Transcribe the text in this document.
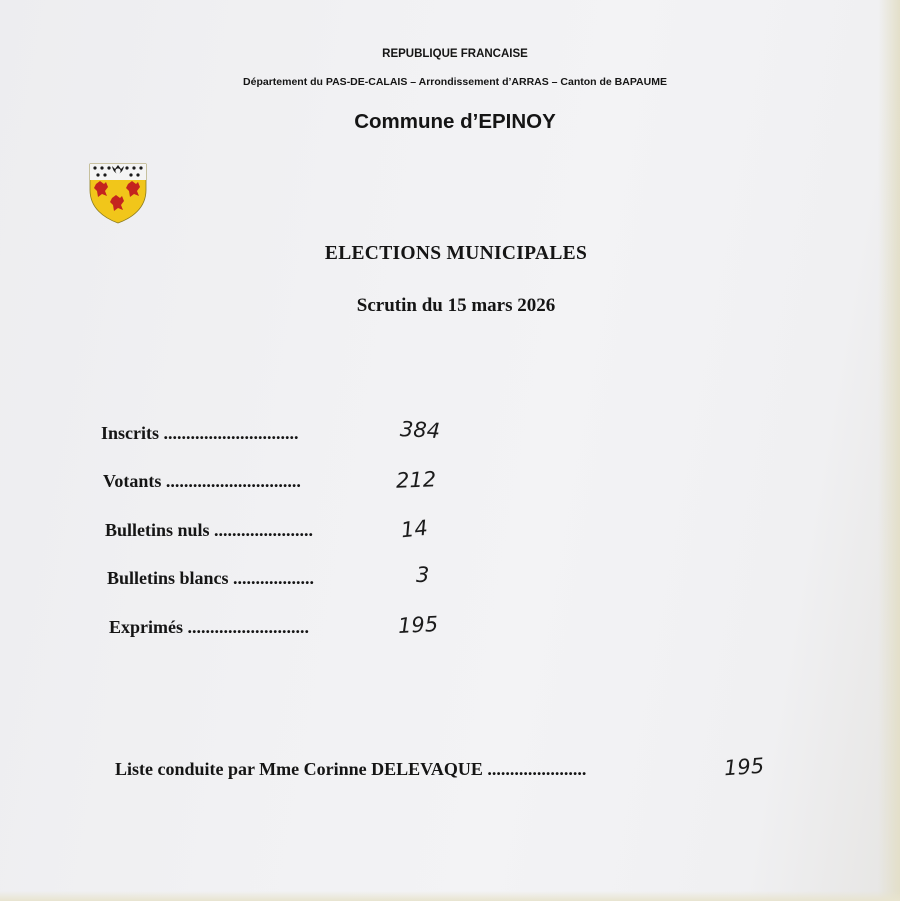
REPUBLIQUE FRANCAISE
Département du PAS-DE-CALAIS – Arrondissement d’ARRAS – Canton de BAPAUME
Commune d’EPINOY
ELECTIONS MUNICIPALES
Scrutin du 15 mars 2026
Inscrits ..............................	384
Votants ..............................	212
Bulletins nuls ......................	14
Bulletins blancs ..................	3
Exprimés ...........................	195
Liste conduite par Mme Corinne DELEVAQUE ......................	195
